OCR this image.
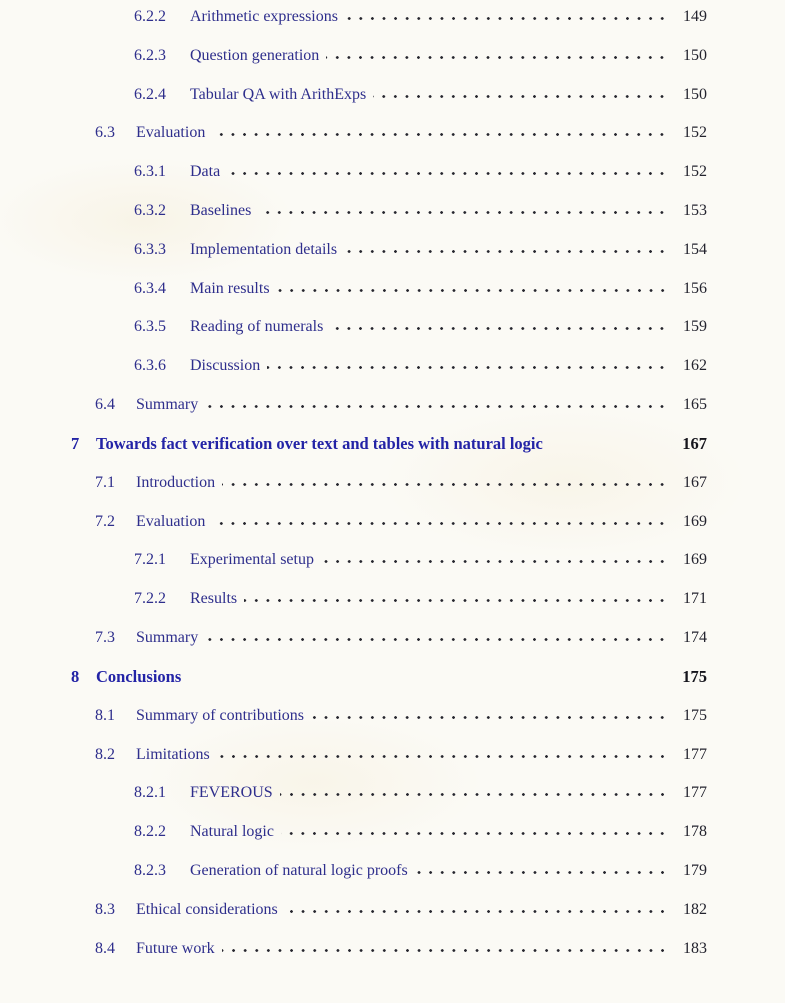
6.2.2	Arithmetic expressions	149
6.2.3	Question generation	150
6.2.4	Tabular QA with ArithExps	150
6.3	Evaluation	152
6.3.1	Data	152
6.3.2	Baselines	153
6.3.3	Implementation details	154
6.3.4	Main results	156
6.3.5	Reading of numerals	159
6.3.6	Discussion	162
6.4	Summary	165
7	Towards fact verification over text and tables with natural logic	167
7.1	Introduction	167
7.2	Evaluation	169
7.2.1	Experimental setup	169
7.2.2	Results	171
7.3	Summary	174
8	Conclusions	175
8.1	Summary of contributions	175
8.2	Limitations	177
8.2.1	FEVEROUS	177
8.2.2	Natural logic	178
8.2.3	Generation of natural logic proofs	179
8.3	Ethical considerations	182
8.4	Future work	183
